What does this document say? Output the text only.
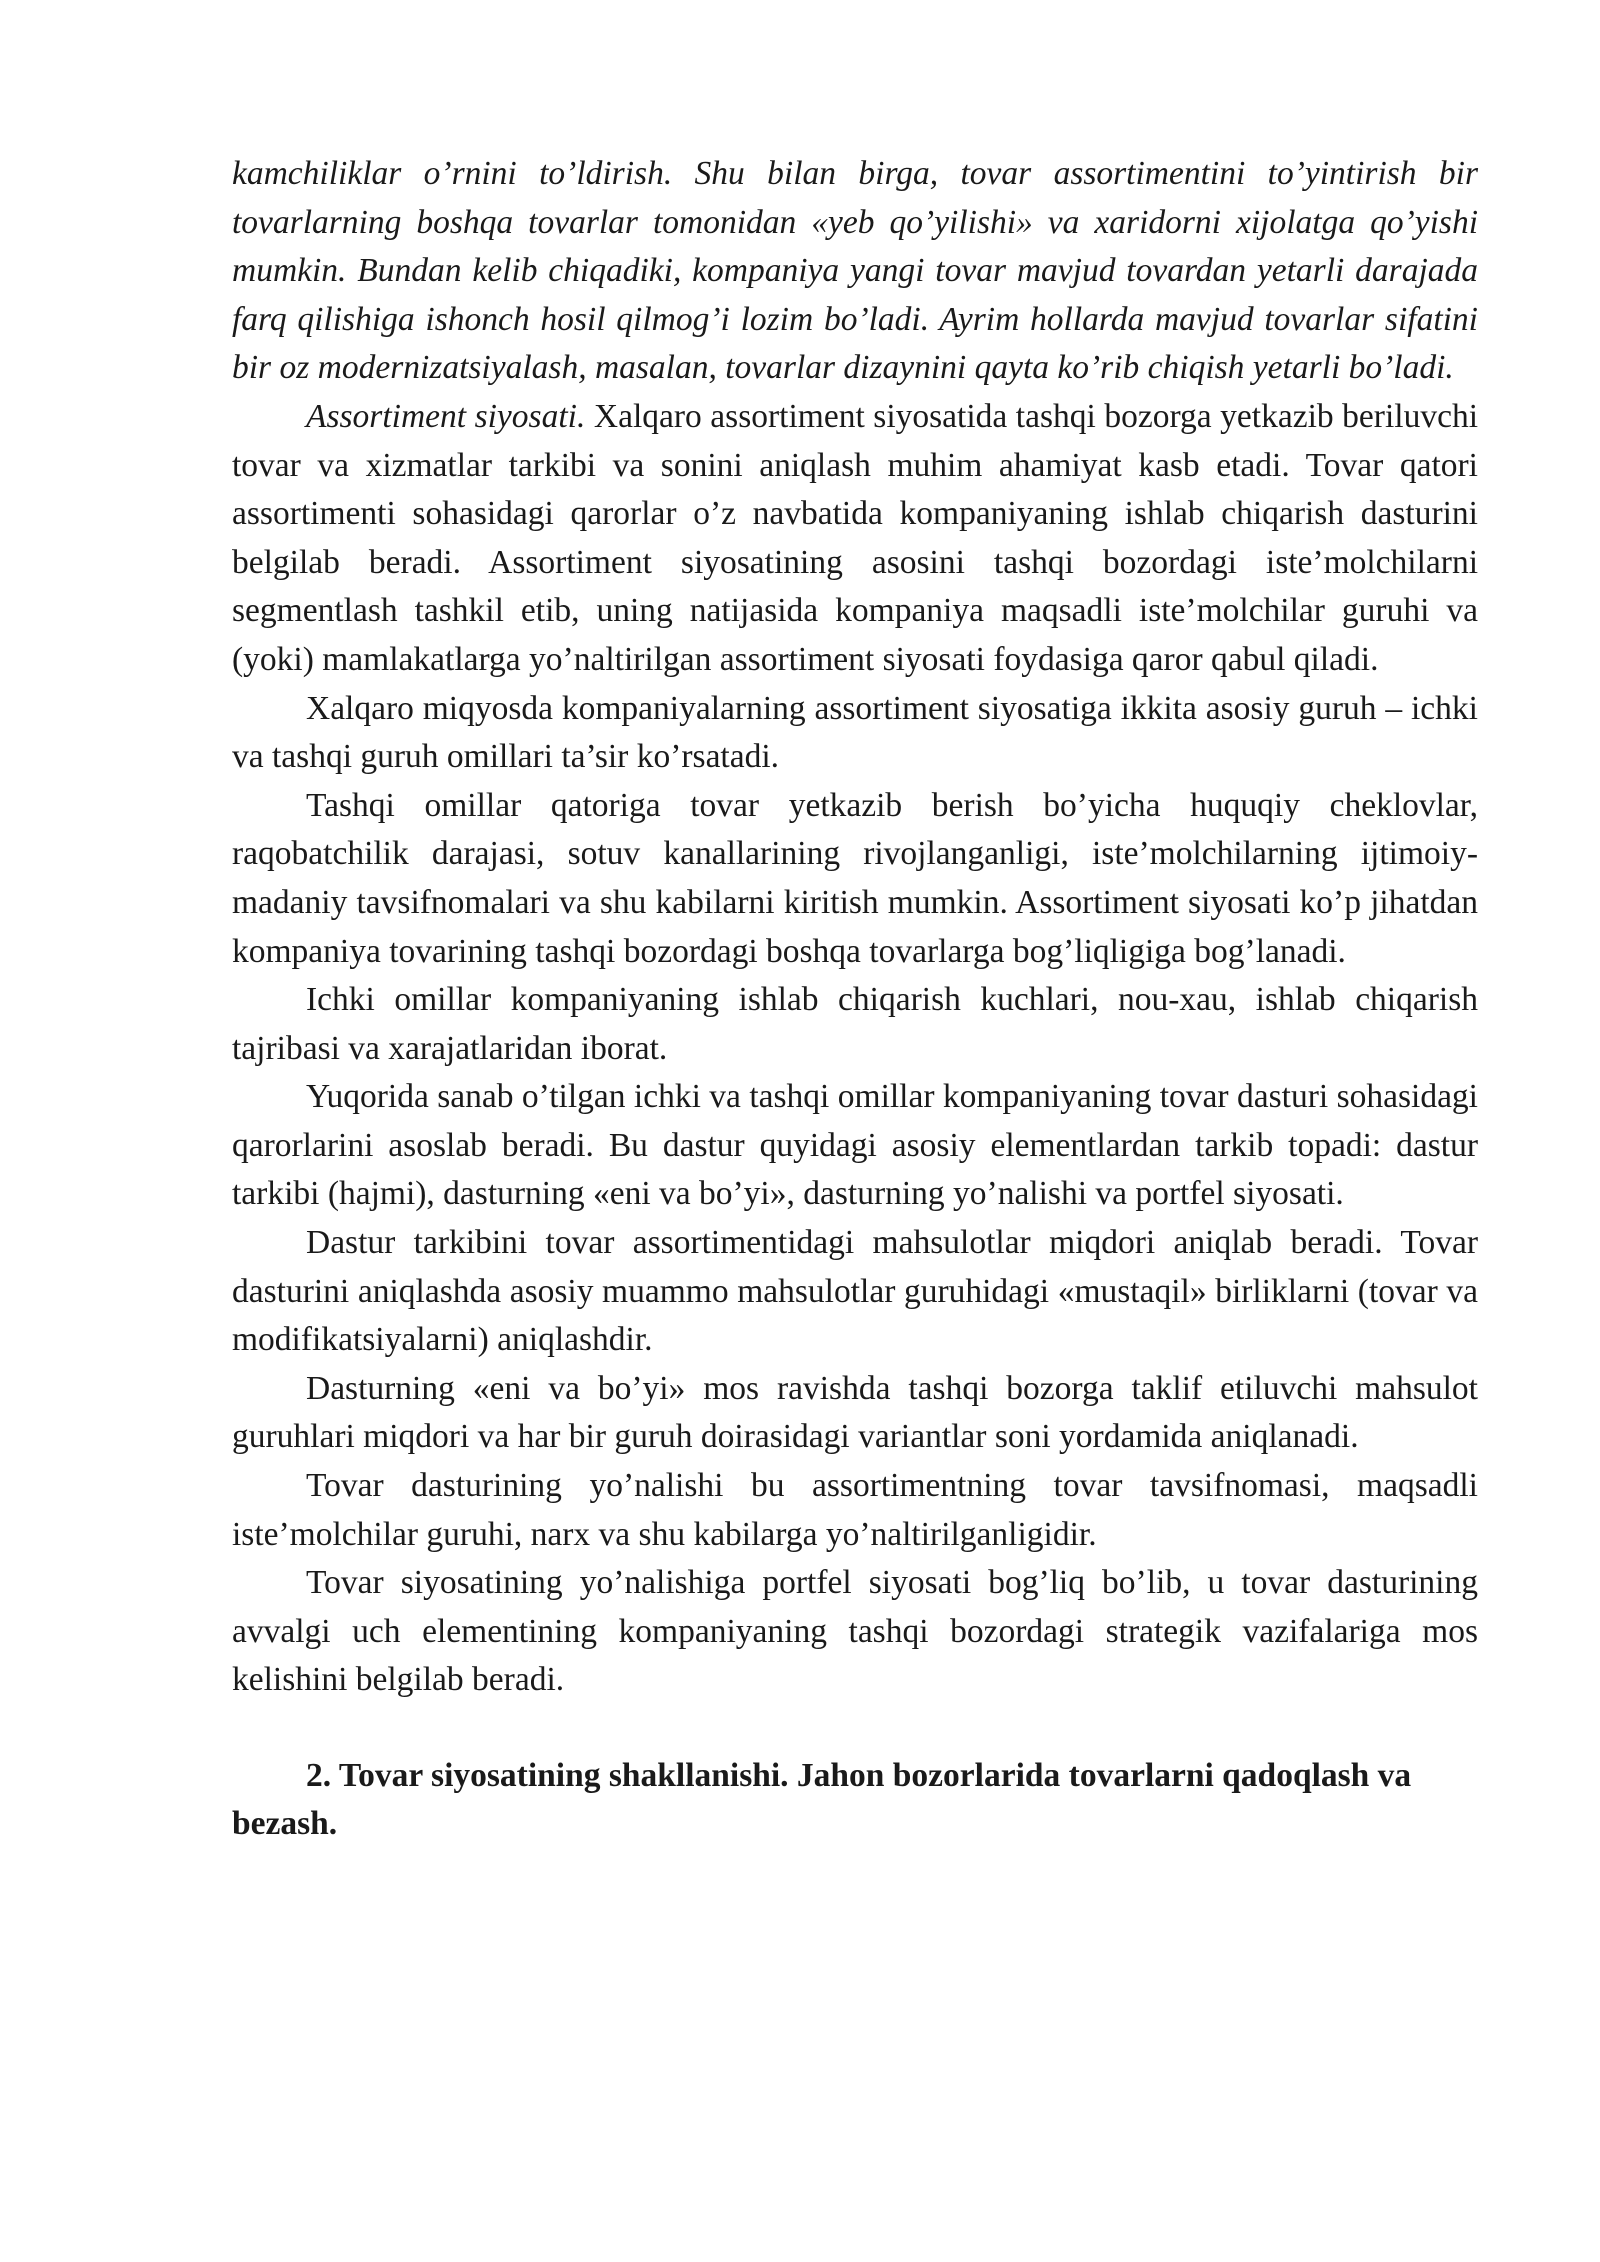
kamchiliklar o’rnini to’ldirish. Shu bilan birga, tovar assortimentini to’yintirish bir tovarlarning boshqa tovarlar tomonidan «yeb qo’yilishi» va xaridorni xijolatga qo’yishi mumkin. Bundan kelib chiqadiki, kompaniya yangi tovar mavjud tovardan yetarli darajada farq qilishiga ishonch hosil qilmog’i lozim bo’ladi. Ayrim hollarda mavjud tovarlar sifatini bir oz modernizatsiyalash, masalan, tovarlar dizaynini qayta ko’rib chiqish yetarli bo’ladi.

Assortiment siyosati. Xalqaro assortiment siyosatida tashqi bozorga yetkazib beriluvchi tovar va xizmatlar tarkibi va sonini aniqlash muhim ahamiyat kasb etadi. Tovar qatori assortimenti sohasidagi qarorlar o’z navbatida kompaniyaning ishlab chiqarish dasturini belgilab beradi. Assortiment siyosatining asosini tashqi bozordagi iste’molchilarni segmentlash tashkil etib, uning natijasida kompaniya maqsadli iste’molchilar guruhi va (yoki) mamlakatlarga yo’naltirilgan assortiment siyosati foydasiga qaror qabul qiladi.

Xalqaro miqyosda kompaniyalarning assortiment siyosatiga ikkita asosiy guruh – ichki va tashqi guruh omillari ta’sir ko’rsatadi.

Tashqi omillar qatoriga tovar yetkazib berish bo’yicha huquqiy cheklovlar, raqobatchilik darajasi, sotuv kanallarining rivojlanganligi, iste’molchilarning ijtimoiy-madaniy tavsifnomalari va shu kabilarni kiritish mumkin. Assortiment siyosati ko’p jihatdan kompaniya tovarining tashqi bozordagi boshqa tovarlarga bog’liqligiga bog’lanadi.

Ichki omillar kompaniyaning ishlab chiqarish kuchlari, nou-xau, ishlab chiqarish tajribasi va xarajatlaridan iborat.

Yuqorida sanab o’tilgan ichki va tashqi omillar kompaniyaning tovar dasturi sohasidagi qarorlarini asoslab beradi. Bu dastur quyidagi asosiy elementlardan tarkib topadi: dastur tarkibi (hajmi), dasturning «eni va bo’yi», dasturning yo’nalishi va portfel siyosati.

Dastur tarkibini tovar assortimentidagi mahsulotlar miqdori aniqlab beradi. Tovar dasturini aniqlashda asosiy muammo mahsulotlar guruhidagi «mustaqil» birliklarni (tovar va modifikatsiyalarni) aniqlashdir.

Dasturning «eni va bo’yi» mos ravishda tashqi bozorga taklif etiluvchi mahsulot guruhlari miqdori va har bir guruh doirasidagi variantlar soni yordamida aniqlanadi.

Tovar dasturining yo’nalishi bu assortimentning tovar tavsifnomasi, maqsadli iste’molchilar guruhi, narx va shu kabilarga yo’naltirilganligidir.

Tovar siyosatining yo’nalishiga portfel siyosati bog’liq bo’lib, u tovar dasturining avvalgi uch elementining kompaniyaning tashqi bozordagi strategik vazifalariga mos kelishini belgilab beradi.

2. Tovar siyosatining shakllanishi. Jahon bozorlarida tovarlarni qadoqlash va bezash.
